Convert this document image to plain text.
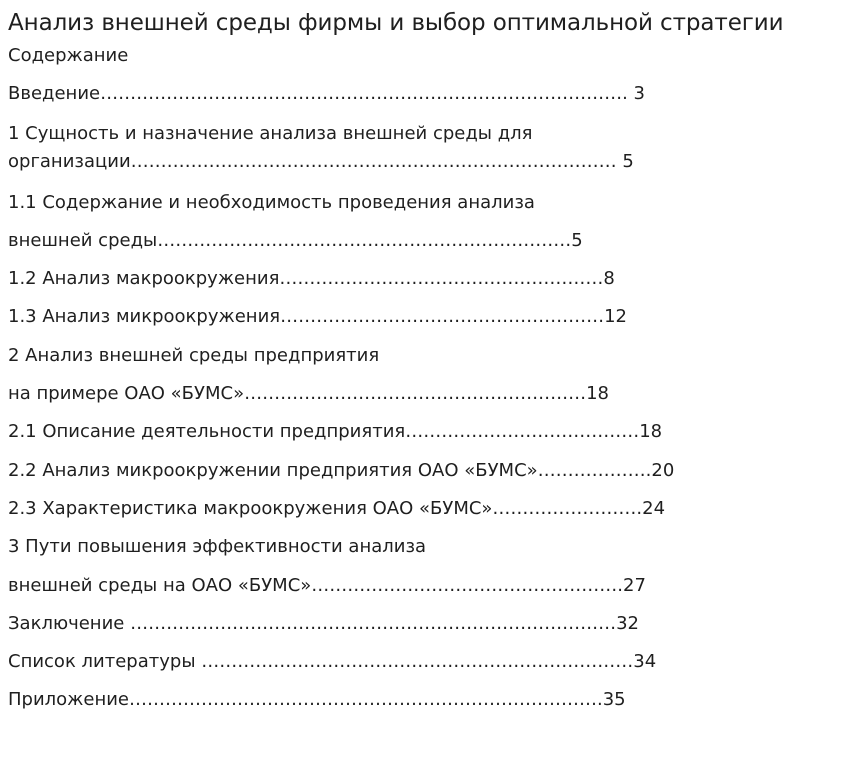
Анализ внешней среды фирмы и выбор оптимальной стратегии
Содержание
Введение……………………………………………………………………………. 3
1 Сущность и назначение анализа внешней среды для организации……………………………………………………………………… 5
1.1 Содержание и необходимость проведения анализа
внешней среды……………………………………………………………5
1.2 Анализ макроокружения………………………………………………8
1.3 Анализ микроокружения………………………………………………12
2 Анализ внешней среды предприятия
на примере ОАО «БУМС»…………………………………………………18
2.1 Описание деятельности предприятия…………………………………18
2.2 Анализ микроокружении предприятия ОАО «БУМС»……………….20
2.3 Характеристика макроокружения ОАО «БУМС»…………………….24
3 Пути повышения эффективности анализа
внешней среды на ОАО «БУМС»…………………………………………….27
Заключение ………………………………………………………………………32
Список литературы ………………………………………………………………34
Приложение…………………………………………………………………….35
